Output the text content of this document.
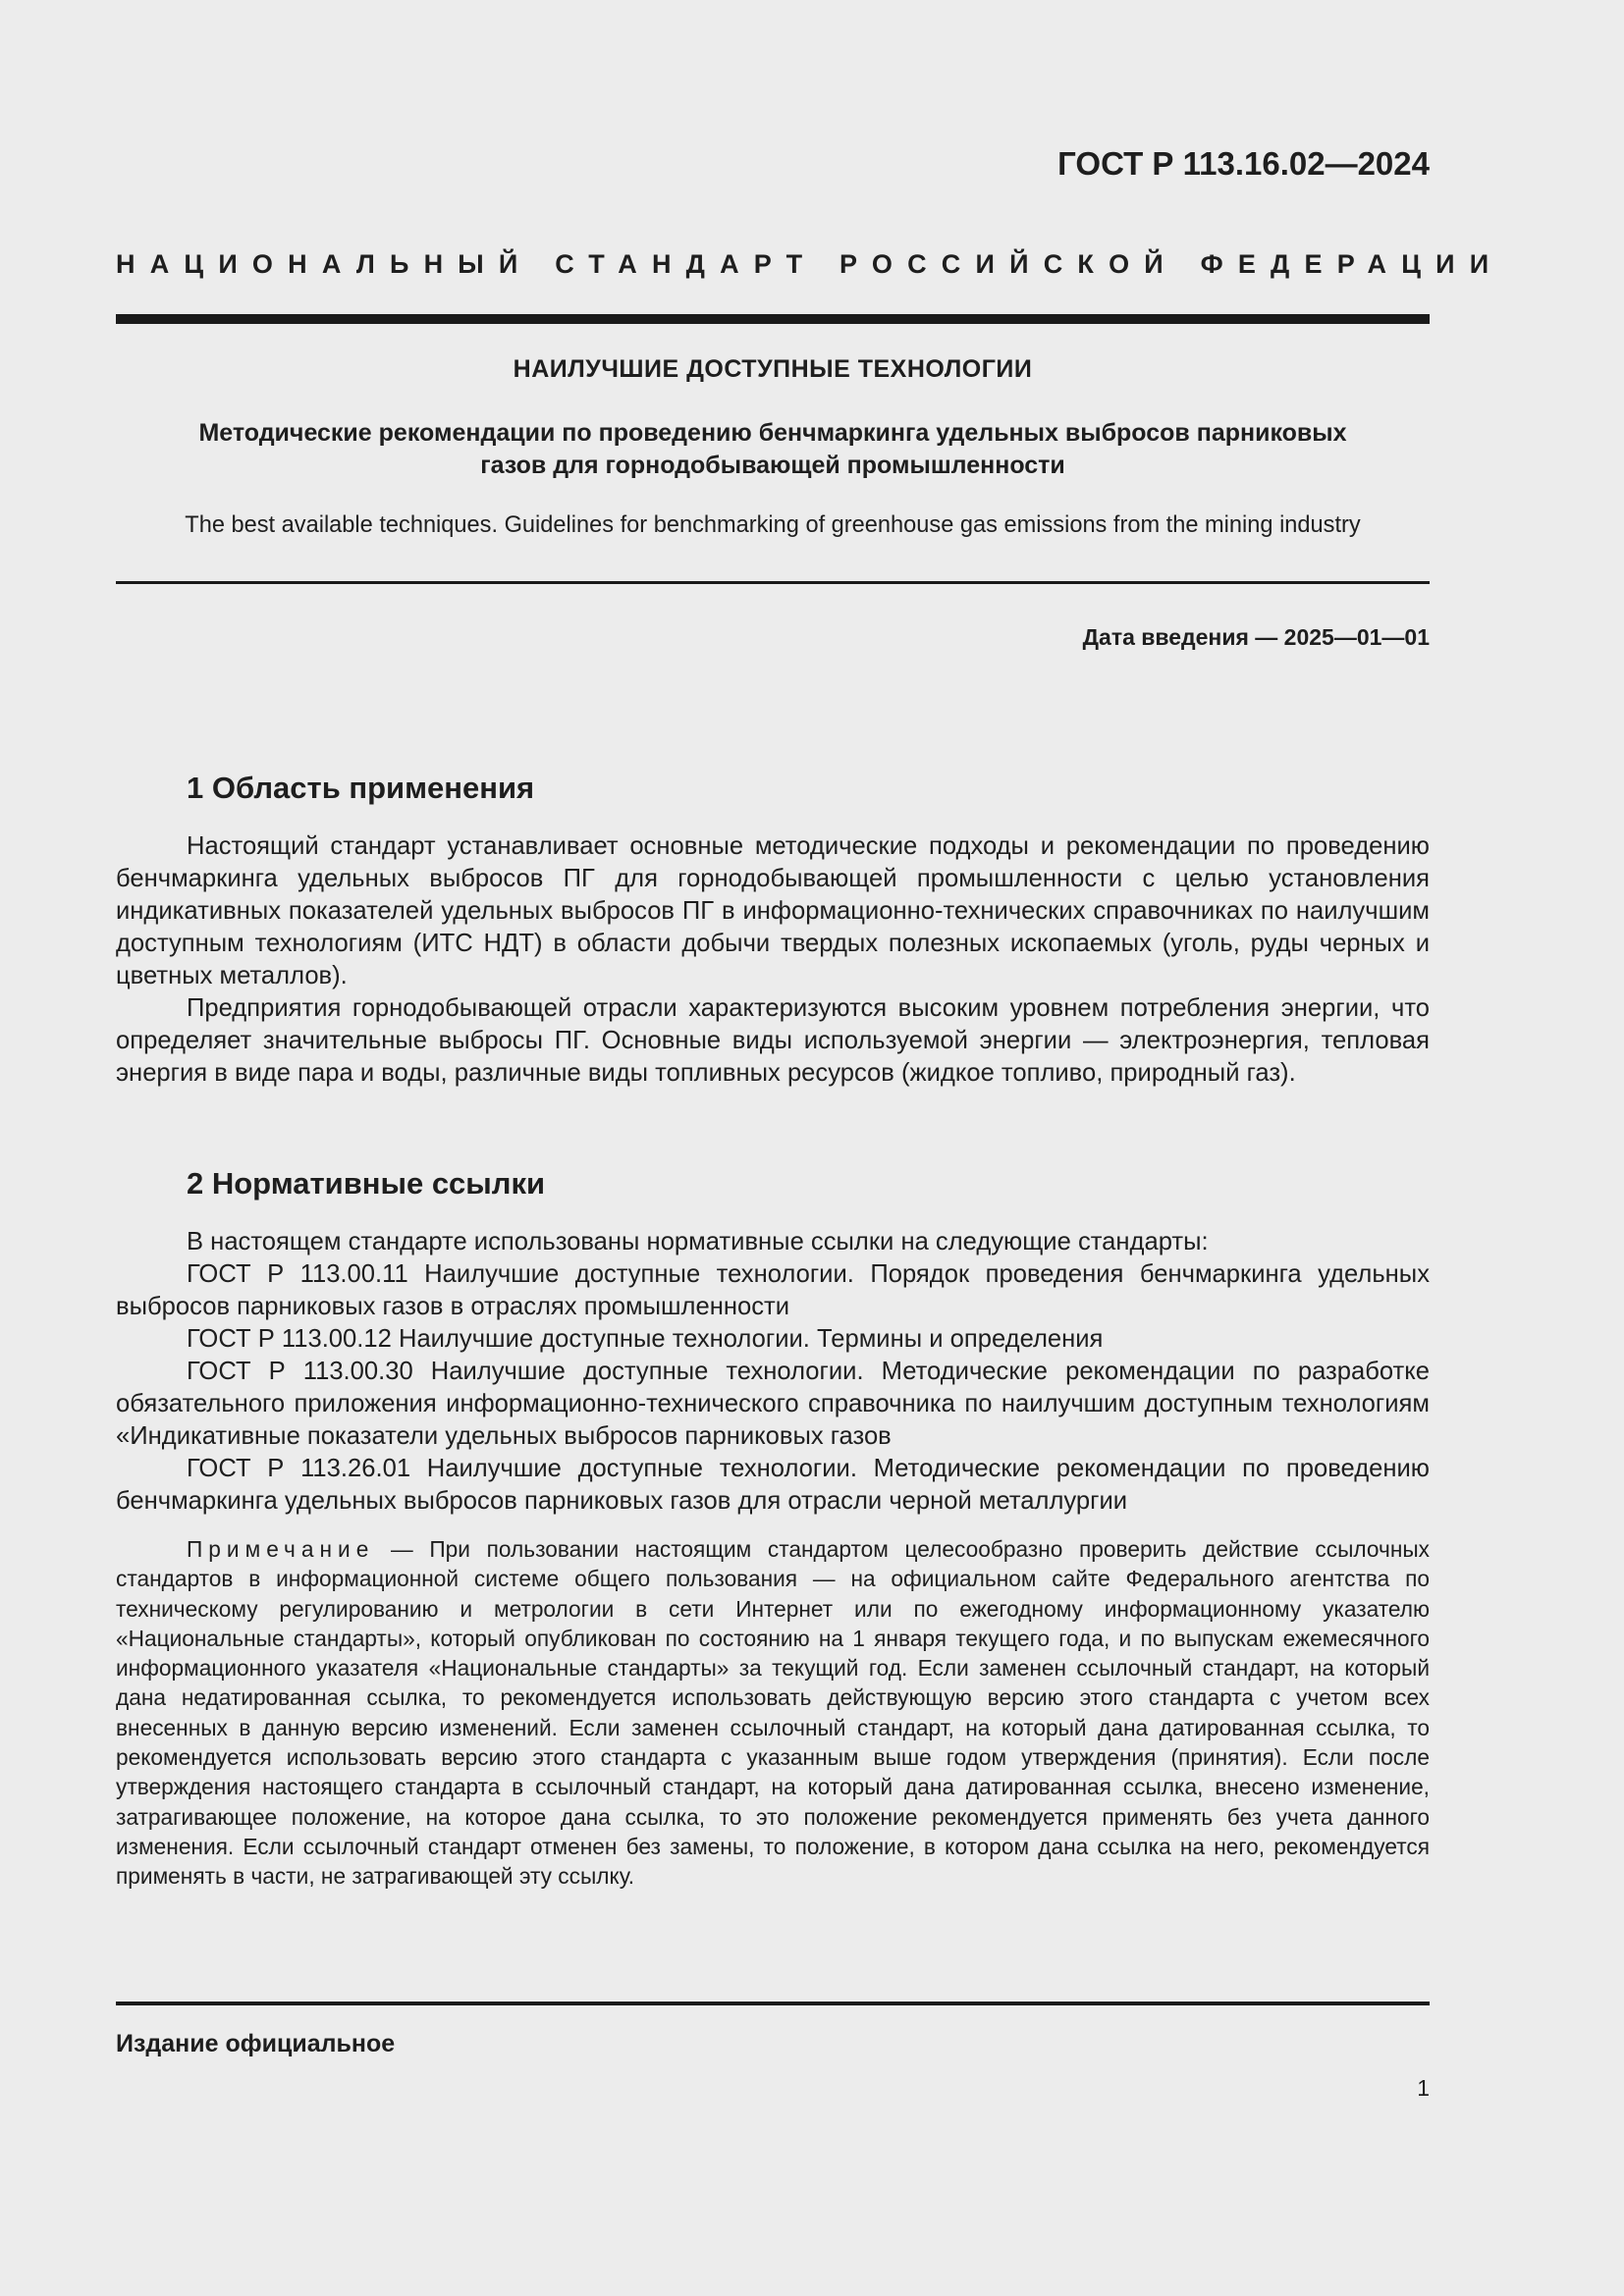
ГОСТ Р 113.16.02—2024
НАЦИОНАЛЬНЫЙ СТАНДАРТ РОССИЙСКОЙ ФЕДЕРАЦИИ
НАИЛУЧШИЕ ДОСТУПНЫЕ ТЕХНОЛОГИИ
Методические рекомендации по проведению бенчмаркинга удельных выбросов парниковых
газов для горнодобывающей промышленности
The best available techniques. Guidelines for benchmarking of greenhouse gas emissions from the mining industry
Дата введения — 2025—01—01
1 Область применения

Настоящий стандарт устанавливает основные методические подходы и рекомендации по проведению бенчмаркинга удельных выбросов ПГ для горнодобывающей промышленности с целью установления индикативных показателей удельных выбросов ПГ в информационно-технических справочниках по наилучшим доступным технологиям (ИТС НДТ) в области добычи твердых полезных ископаемых (уголь, руды черных и цветных металлов).

Предприятия горнодобывающей отрасли характеризуются высоким уровнем потребления энергии, что определяет значительные выбросы ПГ. Основные виды используемой энергии — электроэнергия, тепловая энергия в виде пара и воды, различные виды топливных ресурсов (жидкое топливо, природный газ).

2 Нормативные ссылки

В настоящем стандарте использованы нормативные ссылки на следующие стандарты:

ГОСТ Р 113.00.11 Наилучшие доступные технологии. Порядок проведения бенчмаркинга удельных выбросов парниковых газов в отраслях промышленности

ГОСТ Р 113.00.12 Наилучшие доступные технологии. Термины и определения

ГОСТ Р 113.00.30 Наилучшие доступные технологии. Методические рекомендации по разработке обязательного приложения информационно-технического справочника по наилучшим доступным технологиям «Индикативные показатели удельных выбросов парниковых газов

ГОСТ Р 113.26.01 Наилучшие доступные технологии. Методические рекомендации по проведению бенчмаркинга удельных выбросов парниковых газов для отрасли черной металлургии

Примечание — При пользовании настоящим стандартом целесообразно проверить действие ссылочных стандартов в информационной системе общего пользования — на официальном сайте Федерального агентства по техническому регулированию и метрологии в сети Интернет или по ежегодному информационному указателю «Национальные стандарты», который опубликован по состоянию на 1 января текущего года, и по выпускам ежемесячного информационного указателя «Национальные стандарты» за текущий год. Если заменен ссылочный стандарт, на который дана недатированная ссылка, то рекомендуется использовать действующую версию этого стандарта с учетом всех внесенных в данную версию изменений. Если заменен ссылочный стандарт, на который дана датированная ссылка, то рекомендуется использовать версию этого стандарта с указанным выше годом утверждения (принятия). Если после утверждения настоящего стандарта в ссылочный стандарт, на который дана датированная ссылка, внесено изменение, затрагивающее положение, на которое дана ссылка, то это положение рекомендуется применять без учета данного изменения. Если ссылочный стандарт отменен без замены, то положение, в котором дана ссылка на него, рекомендуется применять в части, не затрагивающей эту ссылку.
Издание официальное
1
